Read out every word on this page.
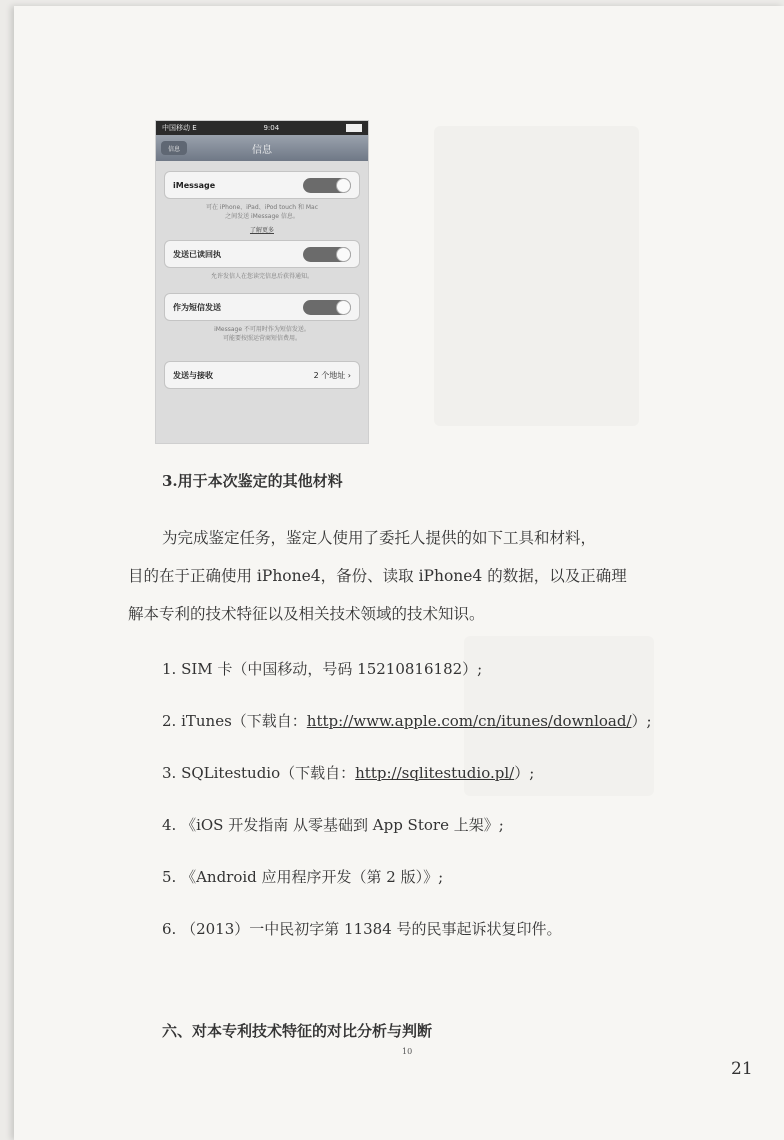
中国移动 E	9:04
信息	信息
iMessage
可在 iPhone、iPad、iPod touch 和 Mac
之间发送 iMessage 信息。
了解更多
发送已读回执
允许发信人在您读完信息后获得通知。
作为短信发送
iMessage 不可用时作为短信发送。
可能要按照运营商短信费用。
发送与接收	2 个地址 ›
3.用于本次鉴定的其他材料
为完成鉴定任务，鉴定人使用了委托人提供的如下工具和材料，
目的在于正确使用 iPhone4，备份、读取 iPhone4 的数据，以及正确理
解本专利的技术特征以及相关技术领域的技术知识。
1. SIM 卡（中国移动，号码 15210816182）;
2. iTunes（下载自：http://www.apple.com/cn/itunes/download/）;
3. SQLitestudio（下载自：http://sqlitestudio.pl/）;
4. 《iOS 开发指南 从零基础到 App Store 上架》;
5. 《Android 应用程序开发（第 2 版）》;
6. （2013）一中民初字第 11384 号的民事起诉状复印件。
六、对本专利技术特征的对比分析与判断
10
21
